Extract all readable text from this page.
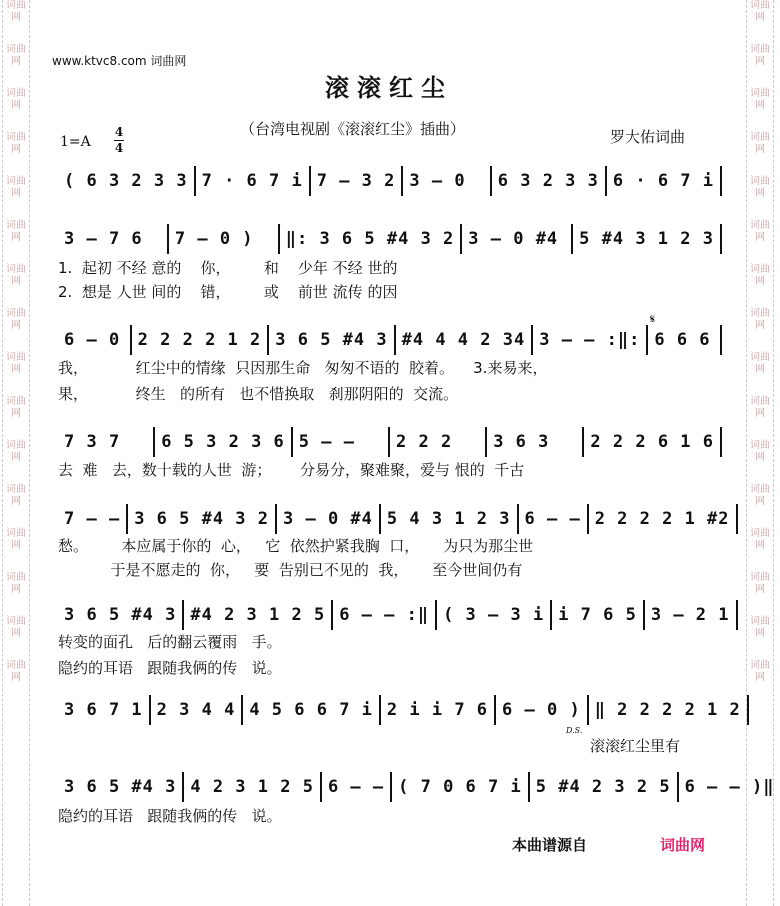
词曲网
词曲网
词曲网
词曲网
词曲网
词曲网
词曲网
词曲网
词曲网
词曲网
词曲网
词曲网
词曲网
词曲网
词曲网
词曲网
词曲网
词曲网
词曲网
词曲网
词曲网
词曲网
词曲网
词曲网
词曲网
词曲网
词曲网
词曲网
词曲网
词曲网
词曲网
词曲网
www.ktvc8.com 词曲网
滚滚红尘
（台湾电视剧《滚滚红尘》插曲）	罗大佑词曲
1=A
4
4
( 6 3 2 3 3 7 · 6 7 i 7 – 3 2 3 – 0	6 3 2 3 3 6 · 6 7 i
3 – 7 6	7 – 0 )	‖: 3 6 5 #4 3 2 3 – 0 #4	5 #4 3 1 2 3
1.  起初 不经 意的    你，       和    少年 不经 世的
2.  想是 人世 间的    错，       或    前世 流传 的因
𝄋
6 – 0	2 2 2 2 1 2 3 6 5 #4 3 #4 4 4 2 34 3 – – :‖: 6 6 6
我，          红尘中的情缘  只因那生命   匆匆不语的  胶着。    3.来易来，
果，          终生   的所有   也不惜换取   刹那阴阳的  交流。
7 3 7	6 5 3 2 3 6 5 – –	2 2 2	3 6 3	2 2 2 6 1 6
去  难   去，数十载的人世  游；      分易分，聚难聚，爱与 恨的  千古
7 – – 3 6 5 #4 3 2 3 – 0 #4 5 4 3 1 2 3 6 – – 2 2 2 2 1 #2
愁。       本应属于你的  心，   它  依然护紧我胸  口，     为只为那尘世
于是不愿走的  你，   要  告别已不见的  我，     至今世间仍有
3 6 5 #4 3 #4 2 3 1 2 5 6 – – :‖ ( 3 – 3 i i 7 6 5 3 – 2 1
转变的面孔   后的翻云覆雨   手。
隐约的耳语   跟随我俩的传   说。
3 6 7 1 2 3 4 4 4 5 6 6 7 i 2 i i 7 6 6 – 0 ) ‖ 2 2 2 2 1 2
D.S.
滚滚红尘里有
3 6 5 #4 3 4 2 3 1 2 5 6 – – ( 7 0 6 7 i 5 #4 2 3 2 5 6 – – )‖
隐约的耳语   跟随我俩的传   说。
本曲谱源自	词曲网
